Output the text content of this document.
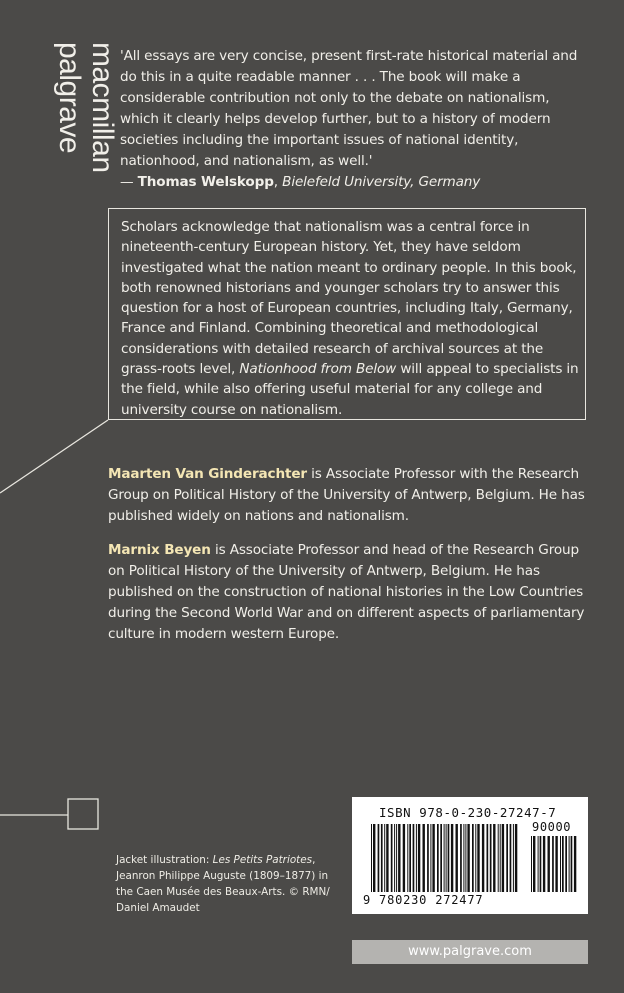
palgrave macmillan 'All essays are very concise, present first-rate historical material and do this in a quite readable manner . . . The book will make a considerable contribution not only to the debate on nationalism, which it clearly helps develop further, but to a history of modern societies including the important issues of national identity, nationhood, and nationalism, as well.'
— Thomas Welskopp, Bielefeld University, Germany
Scholars acknowledge that nationalism was a central force in nineteenth-century European history. Yet, they have seldom investigated what the nation meant to ordinary people. In this book, both renowned historians and younger scholars try to answer this question for a host of European countries, including Italy, Germany, France and Finland. Combining theoretical and methodological considerations with detailed research of archival sources at the grass-roots level, Nationhood from Below will appeal to specialists in the field, while also offering useful material for any college and university course on nationalism.
Maarten Van Ginderachter is Associate Professor with the Research Group on Political History of the University of Antwerp, Belgium. He has published widely on nations and nationalism.
Marnix Beyen is Associate Professor and head of the Research Group on Political History of the University of Antwerp, Belgium. He has published on the construction of national histories in the Low Countries during the Second World War and on different aspects of parliamentary culture in modern western Europe.
Jacket illustration: Les Petits Patriotes, Jeanron Philippe Auguste (1809–1877) in the Caen Musée des Beaux-Arts. © RMN/ Daniel Amaudet
ISBN 978-0-230-27247-7
90000
9 780230 272477
www.palgrave.com
